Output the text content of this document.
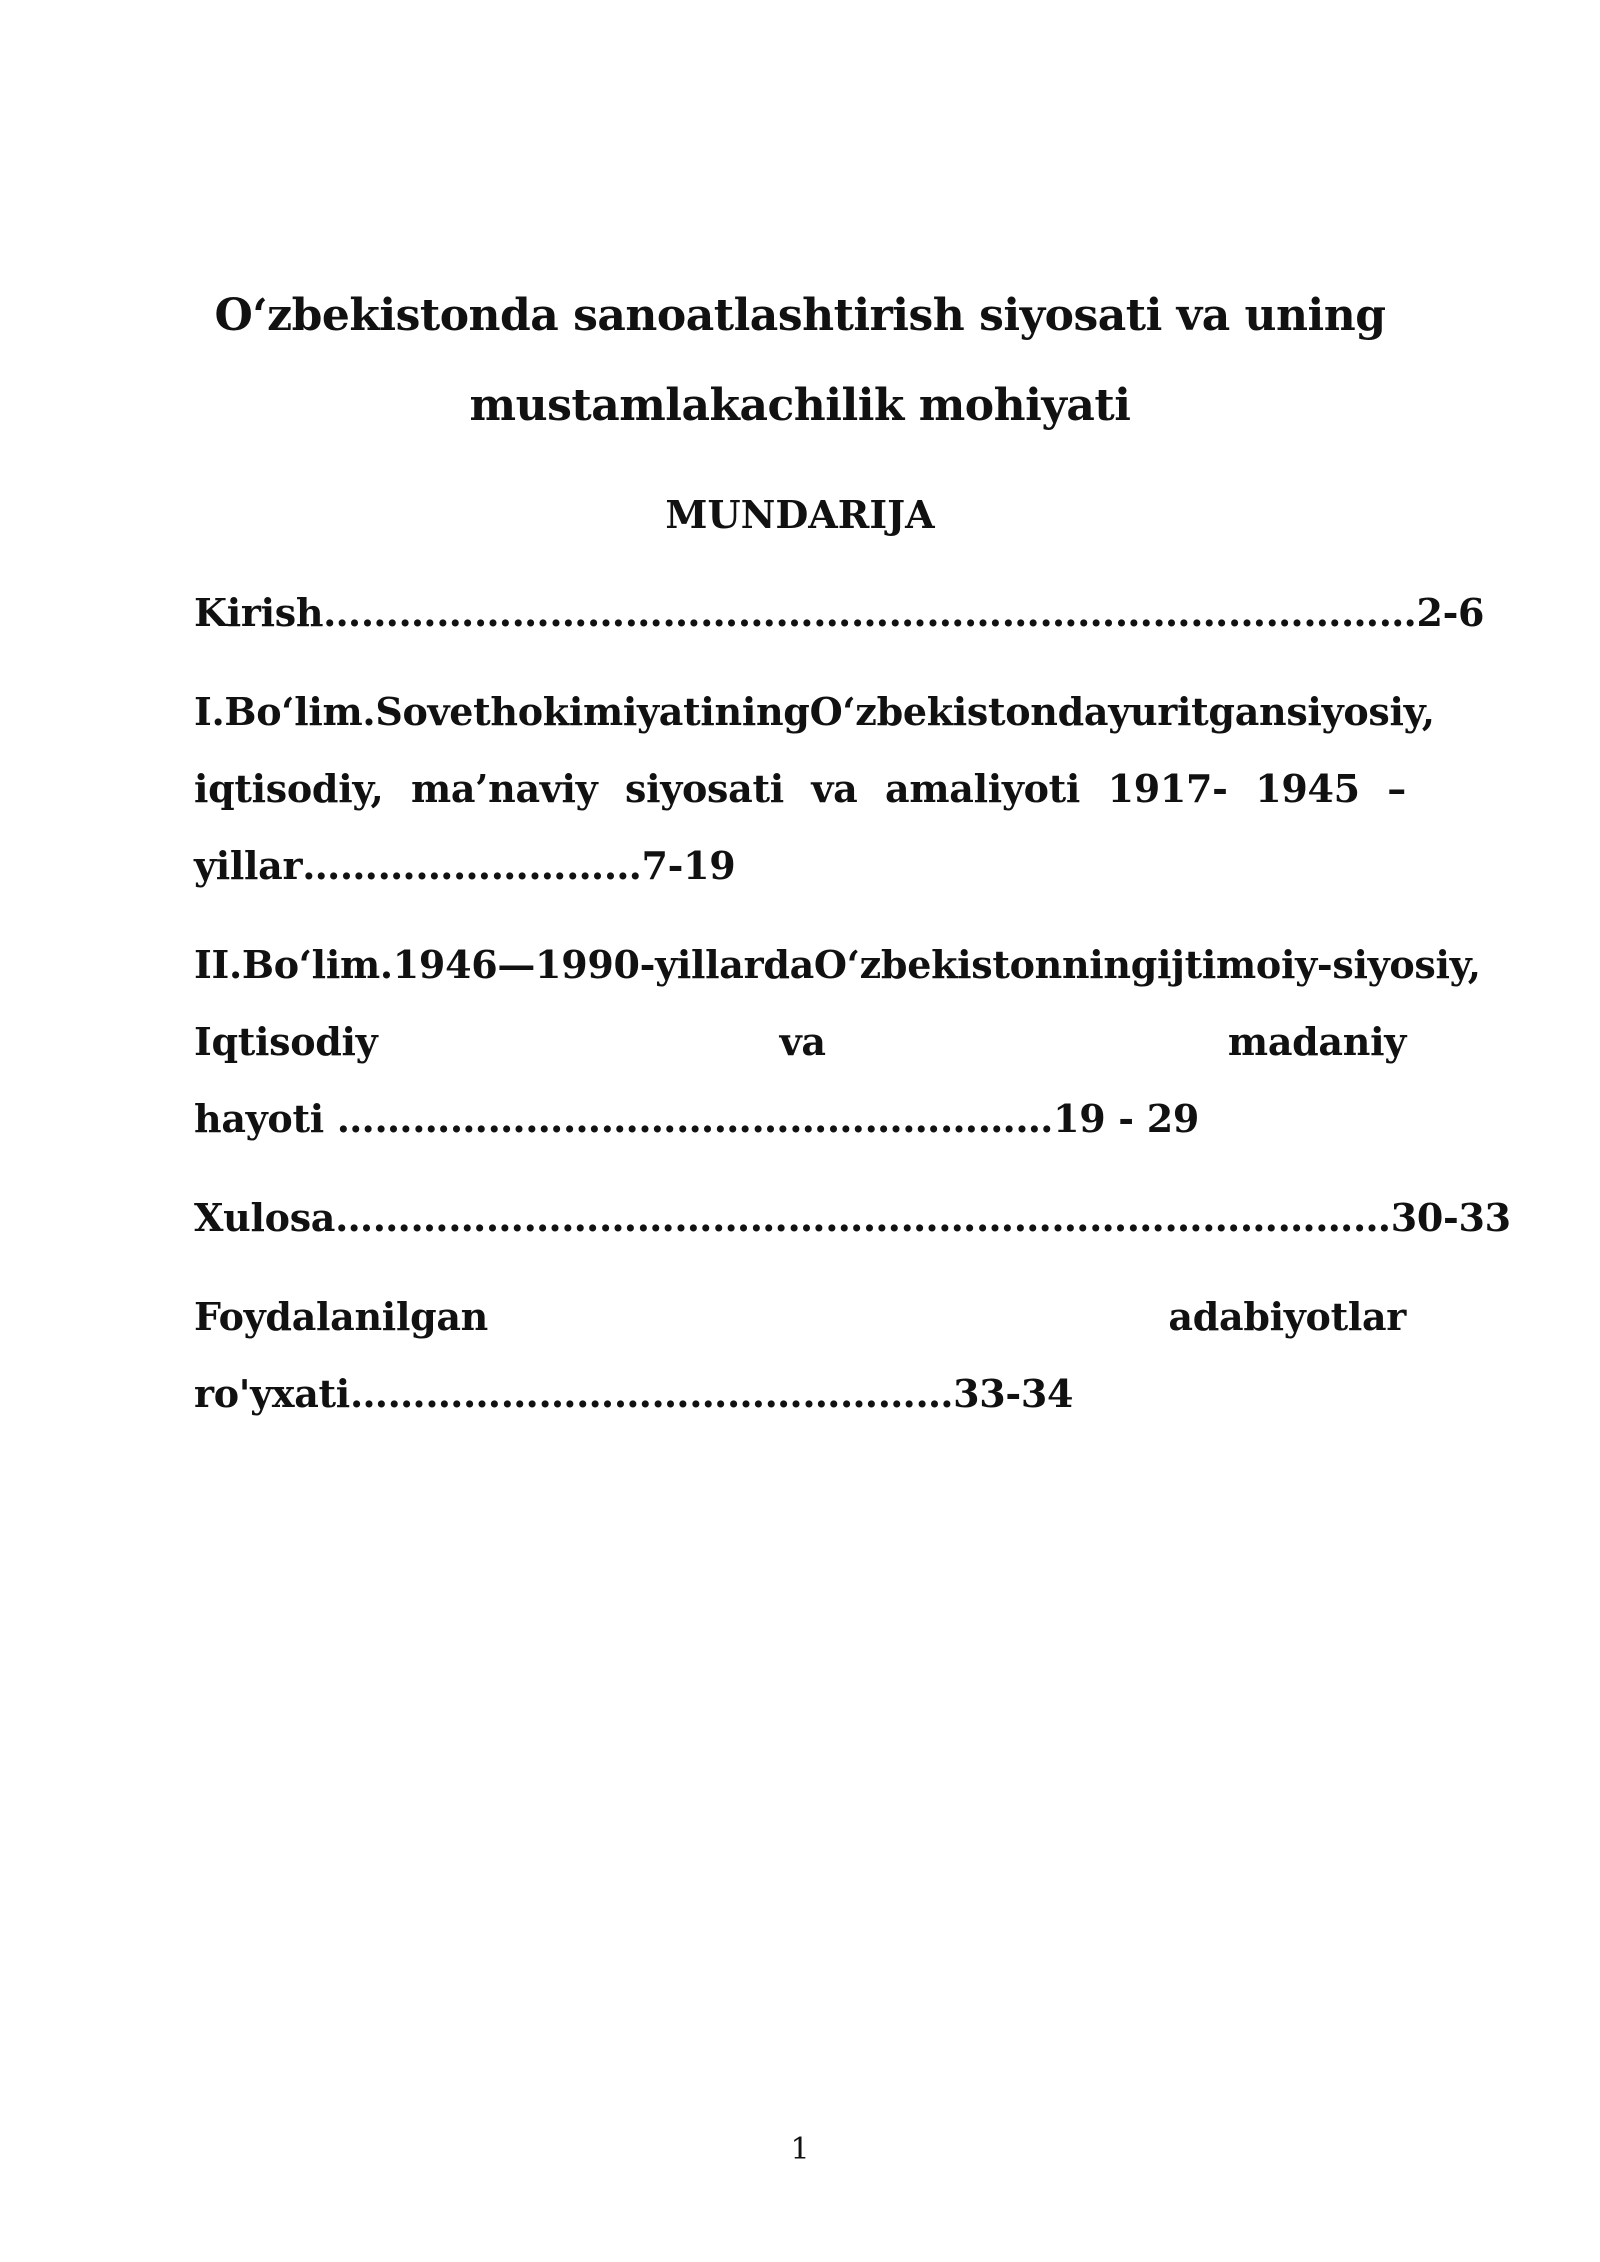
O‘zbekistonda sanoatlashtirish siyosati va uning
mustamlakachilik mohiyati
MUNDARIJA
Kirish……………………………………………………………………………2-6
I.Bo‘lim. Sovet hokimiyatining O‘zbekistonda yuritgan siyosiy,
iqtisodiy, ma’naviy siyosati va amaliyoti 1917- 1945 –
yillar………………………7-19
II. Bo‘lim. 1946—1990-yillarda O‘zbekistonning ijtimoiy-siyosiy,
Iqtisodiy	va	madaniy
hayoti …………………………………………………19 - 29
Xulosa…………………………………………………………………………30-33
Foydalanilgan	adabiyotlar
ro'yxati…………………………………………33-34
1
